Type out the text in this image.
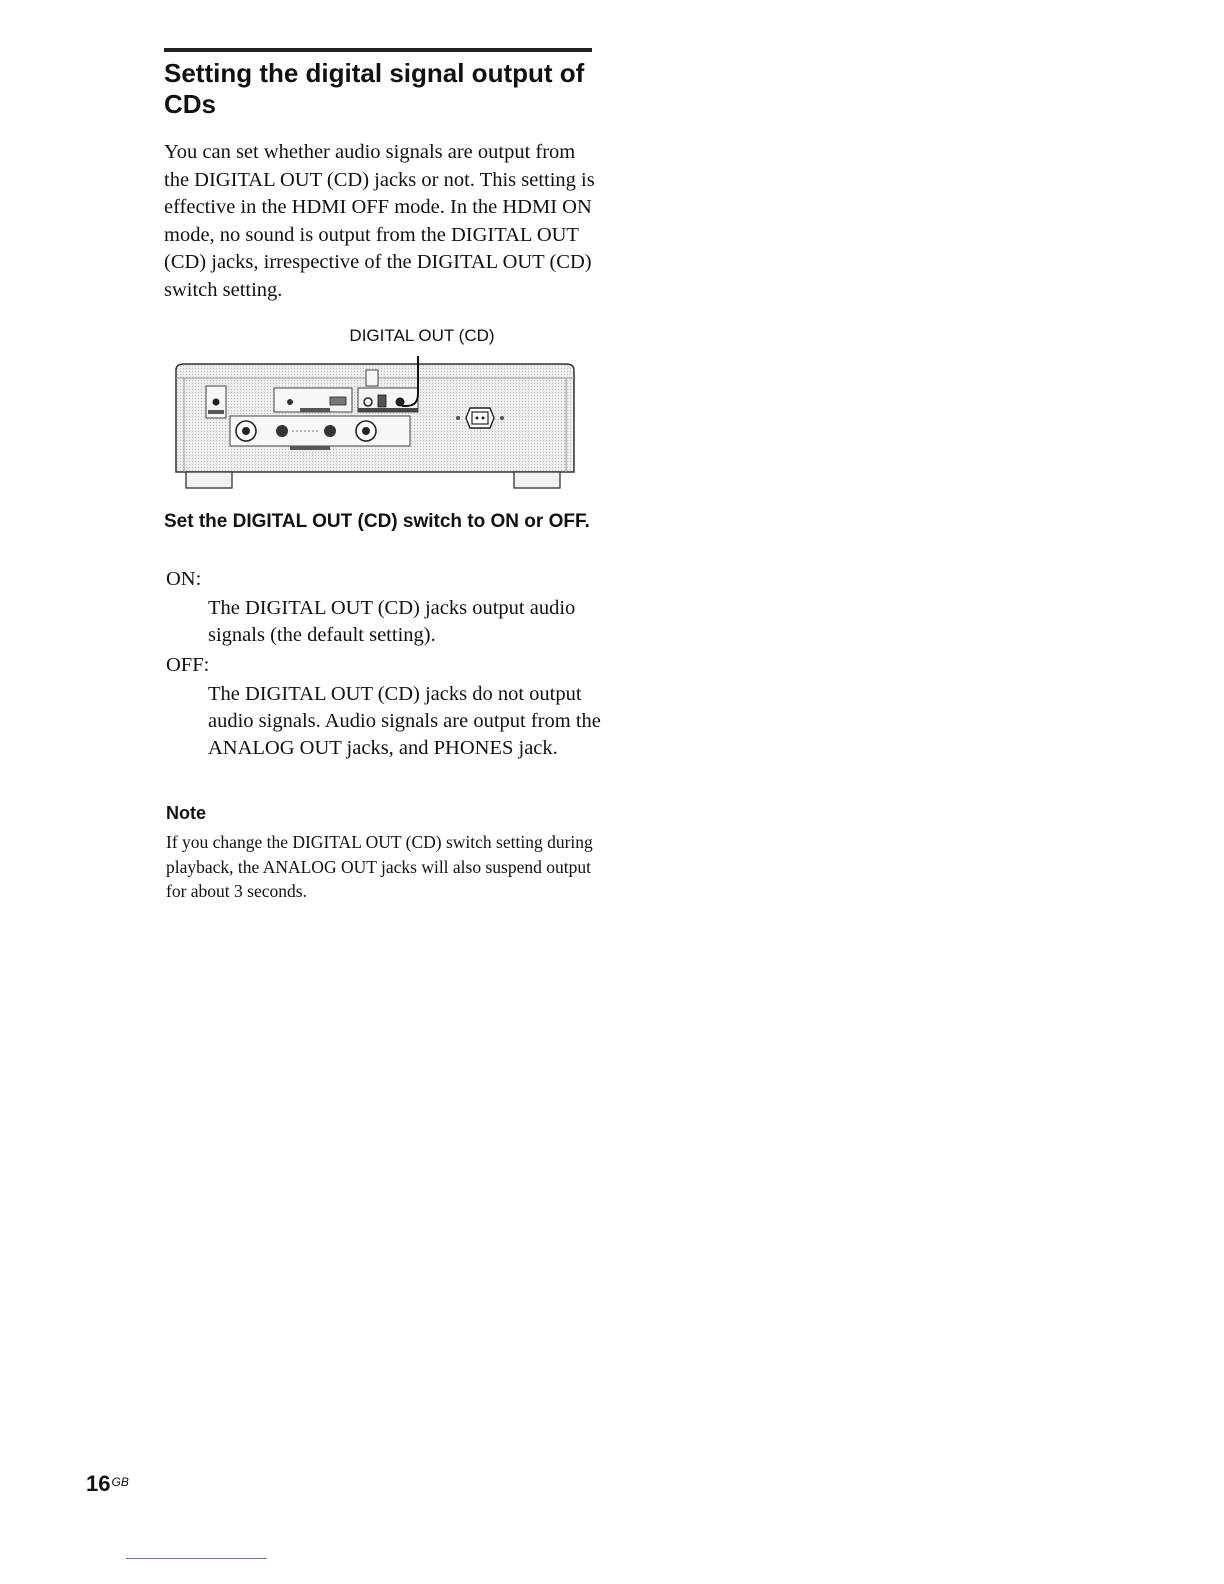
Setting the digital signal output of CDs

You can set whether audio signals are output from the DIGITAL OUT (CD) jacks or not. This setting is effective in the HDMI OFF mode. In the HDMI ON mode, no sound is output from the DIGITAL OUT (CD) jacks, irrespective of the DIGITAL OUT (CD) switch setting.

DIGITAL OUT (CD)

Set the DIGITAL OUT (CD) switch to ON or OFF.

ON:

The DIGITAL OUT (CD) jacks output audio signals (the default setting).

OFF:

The DIGITAL OUT (CD) jacks do not output audio signals. Audio signals are output from the ANALOG OUT jacks, and PHONES jack.

Note

If you change the DIGITAL OUT (CD) switch setting during playback, the ANALOG OUT jacks will also suspend output for about 3 seconds.

$16^{GB}$
